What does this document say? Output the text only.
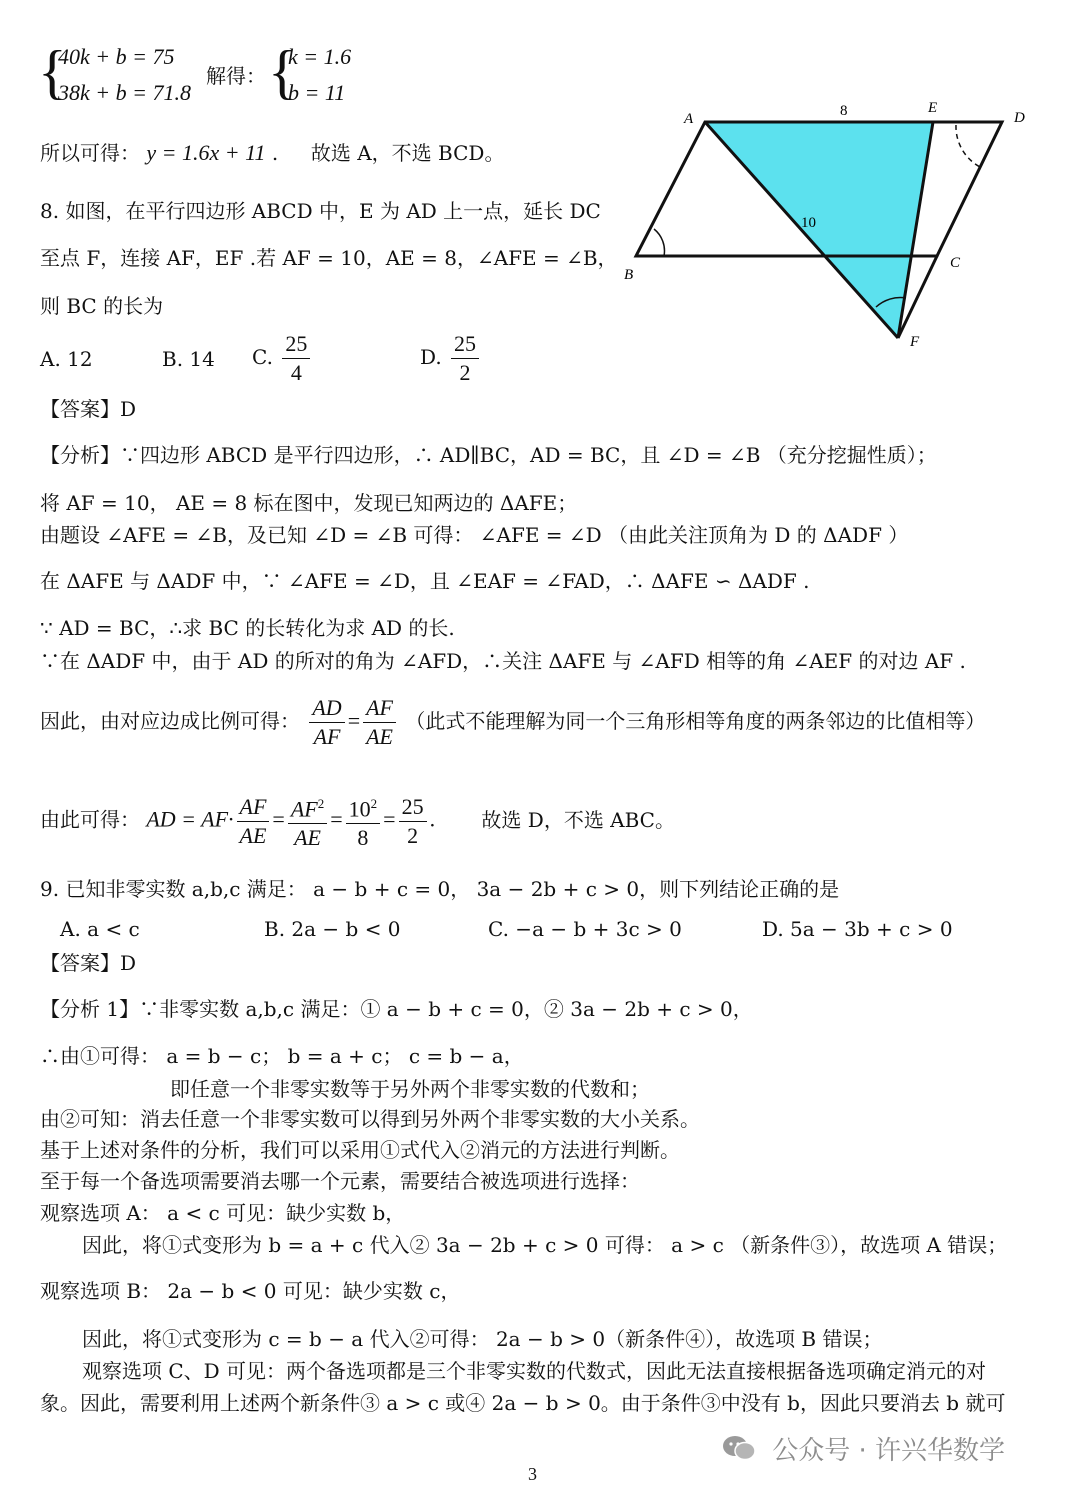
{
40k + b = 75
38k + b = 71.8
解得： {
k = 1.6
b = 11
所以可得： y = 1.6x + 11 . 　 故选 A，不选 BCD。
8. 如图，在平行四边形 ABCD 中，E 为 AD 上一点，延长 DC
至点 F，连接 AF，EF .若 AF = 10，AE = 8，∠AFE = ∠B，
则 BC 的长为
A. 12	B. 14 C. $\frac{25}{4}$	D. $\frac{25}{2}$
【答案】D
【分析】∵四边形 ABCD 是平行四边形，∴ AD∥BC，AD = BC，且 ∠D = ∠B （充分挖掘性质）；
将 AF = 10， AE = 8 标在图中，发现已知两边的 ΔAFE；
由题设 ∠AFE = ∠B，及已知 ∠D = ∠B 可得： ∠AFE = ∠D （由此关注顶角为 D 的 ΔADF ）
在 ΔAFE 与 ΔADF 中，∵ ∠AFE = ∠D，且 ∠EAF = ∠FAD，∴ ΔAFE ∽ ΔADF .
∵ AD = BC，∴求 BC 的长转化为求 AD 的长.
∵在 ΔADF 中，由于 AD 的所对的角为 ∠AFD，∴关注 ΔAFE 与 ∠AFD 相等的角 ∠AEF 的对边 AF .
因此，由对应边成比例可得： $\frac{AD}{AF} = \frac{AF}{AE}$ （此式不能理解为同一个三角形相等角度的两条邻边的比值相等）
由此可得： AD = $AF\cdot \frac{AF}{AE} = \frac{AF^2}{AE} = \frac{10^2}{8} = \frac{25}{2}$ . 故选 D，不选 ABC。
A
E
D
B
C
F
8
10
9. 已知非零实数 a,b,c 满足： a − b + c = 0， 3a − 2b + c > 0，则下列结论正确的是
A. a < c	B. 2a − b < 0	C. −a − b + 3c > 0	D. 5a − 3b + c > 0
【答案】D
【分析 1】∵非零实数 a,b,c 满足：① a − b + c = 0，② 3a − 2b + c > 0，
∴由①可得： a = b − c； b = a + c； c = b − a，
即任意一个非零实数等于另外两个非零实数的代数和；
由②可知：消去任意一个非零实数可以得到另外两个非零实数的大小关系。
基于上述对条件的分析，我们可以采用①式代入②消元的方法进行判断。
至于每一个备选项需要消去哪一个元素，需要结合被选项进行选择：
观察选项 A： a < c 可见：缺少实数 b，
因此，将①式变形为 b = a + c 代入② 3a − 2b + c > 0 可得： a > c （新条件③），故选项 A 错误；
观察选项 B： 2a − b < 0 可见：缺少实数 c，
因此，将①式变形为 c = b − a 代入②可得： 2a − b > 0（新条件④），故选项 B 错误；
观察选项 C、D 可见：两个备选项都是三个非零实数的代数式，因此无法直接根据备选项确定消元的对
象。因此，需要利用上述两个新条件③ a > c 或④ 2a − b > 0。由于条件③中没有 b，因此只要消去 b 就可
公众号 · 许兴华数学
3
